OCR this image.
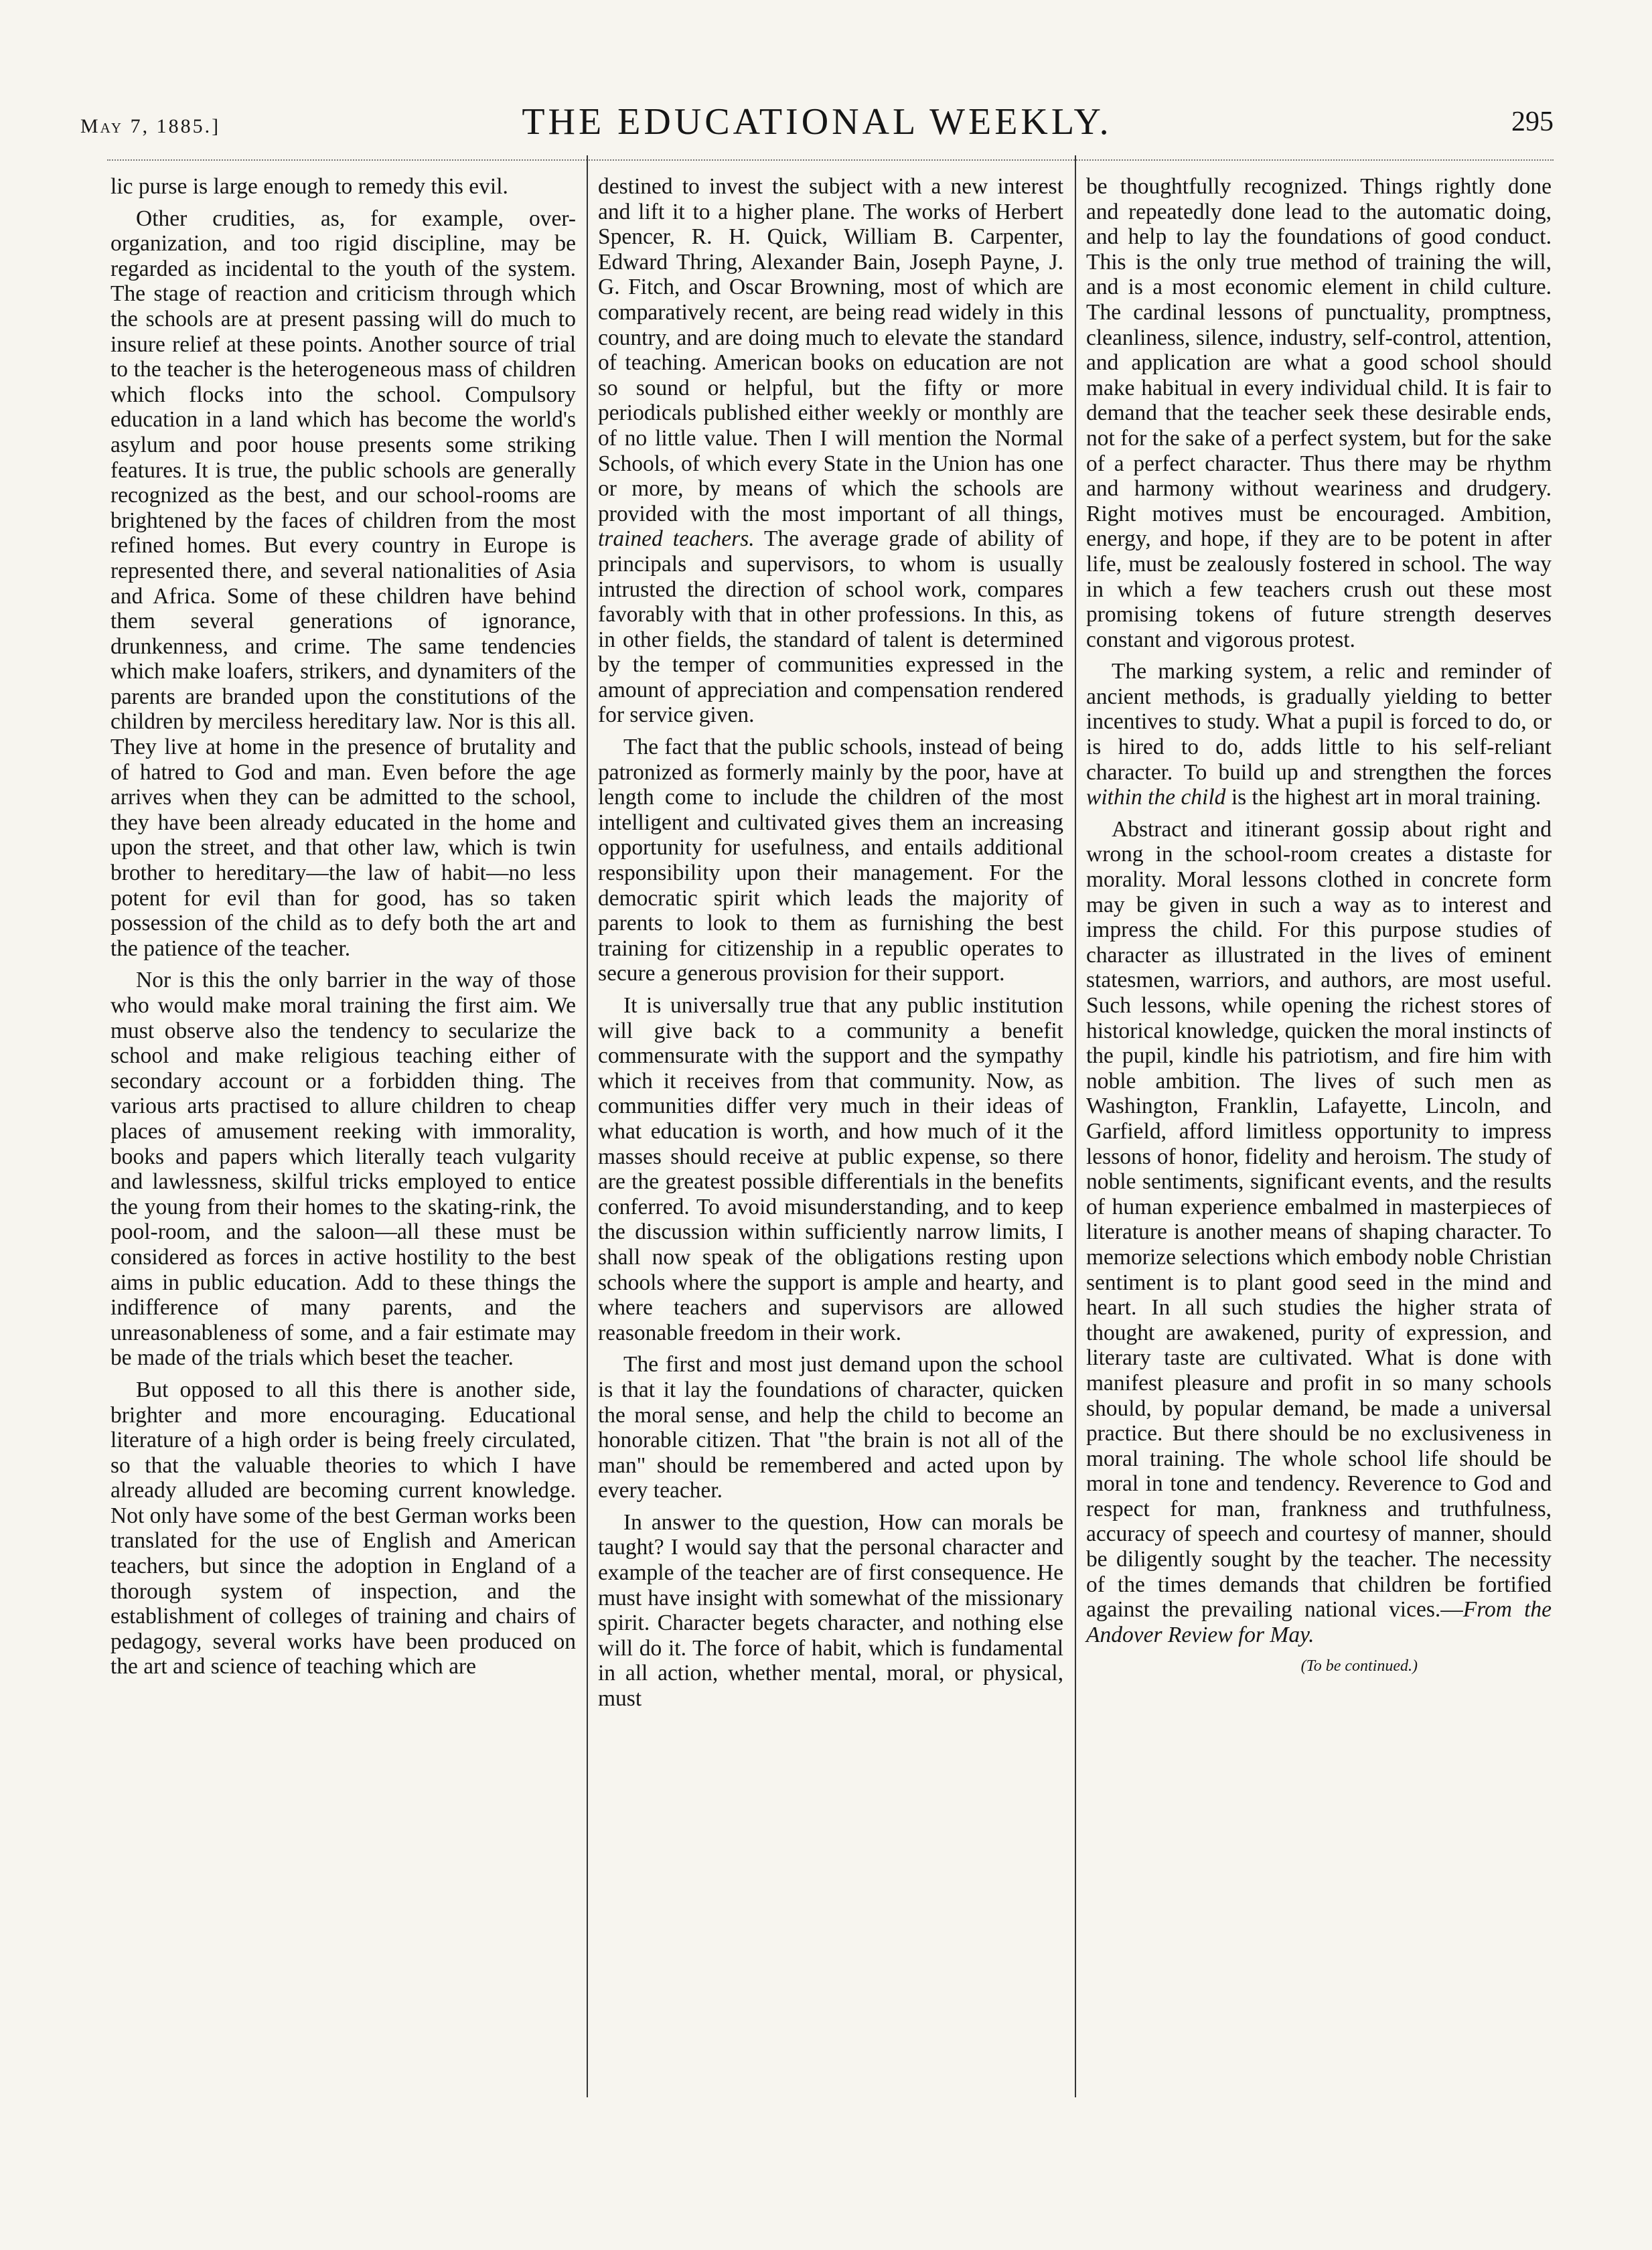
May 7, 1885.]	THE EDUCATIONAL WEEKLY.	295

lic purse is large enough to remedy this evil.

Other crudities, as, for example, over-organization, and too rigid discipline, may be regarded as incidental to the youth of the system. The stage of reaction and criticism through which the schools are at present passing will do much to insure relief at these points. Another source of trial to the teacher is the heterogeneous mass of children which flocks into the school. Compulsory education in a land which has become the world's asylum and poor house presents some striking features. It is true, the public schools are generally recognized as the best, and our school-rooms are brightened by the faces of children from the most refined homes. But every country in Europe is represented there, and several nationalities of Asia and Africa. Some of these children have behind them several generations of ignorance, drunkenness, and crime. The same tendencies which make loafers, strikers, and dynamiters of the parents are branded upon the constitutions of the children by merciless hereditary law. Nor is this all. They live at home in the presence of brutality and of hatred to God and man. Even before the age arrives when they can be admitted to the school, they have been already educated in the home and upon the street, and that other law, which is twin brother to hereditary—the law of habit—no less potent for evil than for good, has so taken possession of the child as to defy both the art and the patience of the teacher.

Nor is this the only barrier in the way of those who would make moral training the first aim. We must observe also the tendency to secularize the school and make religious teaching either of secondary account or a forbidden thing. The various arts practised to allure children to cheap places of amusement reeking with immorality, books and papers which literally teach vulgarity and lawlessness, skilful tricks employed to entice the young from their homes to the skating-rink, the pool-room, and the saloon—all these must be considered as forces in active hostility to the best aims in public education. Add to these things the indifference of many parents, and the unreasonableness of some, and a fair estimate may be made of the trials which beset the teacher.

But opposed to all this there is another side, brighter and more encouraging. Educational literature of a high order is being freely circulated, so that the valuable theories to which I have already alluded are becoming current knowledge. Not only have some of the best German works been translated for the use of English and American teachers, but since the adoption in England of a thorough system of inspection, and the establishment of colleges of training and chairs of pedagogy, several works have been produced on the art and science of teaching which are

destined to invest the subject with a new interest and lift it to a higher plane. The works of Herbert Spencer, R. H. Quick, William B. Carpenter, Edward Thring, Alexander Bain, Joseph Payne, J. G. Fitch, and Oscar Browning, most of which are comparatively recent, are being read widely in this country, and are doing much to elevate the standard of teaching. American books on education are not so sound or helpful, but the fifty or more periodicals published either weekly or monthly are of no little value. Then I will mention the Normal Schools, of which every State in the Union has one or more, by means of which the schools are provided with the most important of all things, trained teachers. The average grade of ability of principals and supervisors, to whom is usually intrusted the direction of school work, compares favorably with that in other professions. In this, as in other fields, the standard of talent is determined by the temper of communities expressed in the amount of appreciation and compensation rendered for service given.

The fact that the public schools, instead of being patronized as formerly mainly by the poor, have at length come to include the children of the most intelligent and cultivated gives them an increasing opportunity for usefulness, and entails additional responsibility upon their management. For the democratic spirit which leads the majority of parents to look to them as furnishing the best training for citizenship in a republic operates to secure a generous provision for their support.

It is universally true that any public institution will give back to a community a benefit commensurate with the support and the sympathy which it receives from that community. Now, as communities differ very much in their ideas of what education is worth, and how much of it the masses should receive at public expense, so there are the greatest possible differentials in the benefits conferred. To avoid misunderstanding, and to keep the discussion within sufficiently narrow limits, I shall now speak of the obligations resting upon schools where the support is ample and hearty, and where teachers and supervisors are allowed reasonable freedom in their work.

The first and most just demand upon the school is that it lay the foundations of character, quicken the moral sense, and help the child to become an honorable citizen. That "the brain is not all of the man" should be remembered and acted upon by every teacher.

In answer to the question, How can morals be taught? I would say that the personal character and example of the teacher are of first consequence. He must have insight with somewhat of the missionary spirit. Character begets character, and nothing else will do it. The force of habit, which is fundamental in all action, whether mental, moral, or physical, must

be thoughtfully recognized. Things rightly done and repeatedly done lead to the automatic doing, and help to lay the foundations of good conduct. This is the only true method of training the will, and is a most economic element in child culture. The cardinal lessons of punctuality, promptness, cleanliness, silence, industry, self-control, attention, and application are what a good school should make habitual in every individual child. It is fair to demand that the teacher seek these desirable ends, not for the sake of a perfect system, but for the sake of a perfect character. Thus there may be rhythm and harmony without weariness and drudgery. Right motives must be encouraged. Ambition, energy, and hope, if they are to be potent in after life, must be zealously fostered in school. The way in which a few teachers crush out these most promising tokens of future strength deserves constant and vigorous protest.

The marking system, a relic and reminder of ancient methods, is gradually yielding to better incentives to study. What a pupil is forced to do, or is hired to do, adds little to his self-reliant character. To build up and strengthen the forces within the child is the highest art in moral training.

Abstract and itinerant gossip about right and wrong in the school-room creates a distaste for morality. Moral lessons clothed in concrete form may be given in such a way as to interest and impress the child. For this purpose studies of character as illustrated in the lives of eminent statesmen, warriors, and authors, are most useful. Such lessons, while opening the richest stores of historical knowledge, quicken the moral instincts of the pupil, kindle his patriotism, and fire him with noble ambition. The lives of such men as Washington, Franklin, Lafayette, Lincoln, and Garfield, afford limitless opportunity to impress lessons of honor, fidelity and heroism. The study of noble sentiments, significant events, and the results of human experience embalmed in masterpieces of literature is another means of shaping character. To memorize selections which embody noble Christian sentiment is to plant good seed in the mind and heart. In all such studies the higher strata of thought are awakened, purity of expression, and literary taste are cultivated. What is done with manifest pleasure and profit in so many schools should, by popular demand, be made a universal practice. But there should be no exclusiveness in moral training. The whole school life should be moral in tone and tendency. Reverence to God and respect for man, frankness and truthfulness, accuracy of speech and courtesy of manner, should be diligently sought by the teacher. The necessity of the times demands that children be fortified against the prevailing national vices.—From the Andover Review for May.

(To be continued.)
